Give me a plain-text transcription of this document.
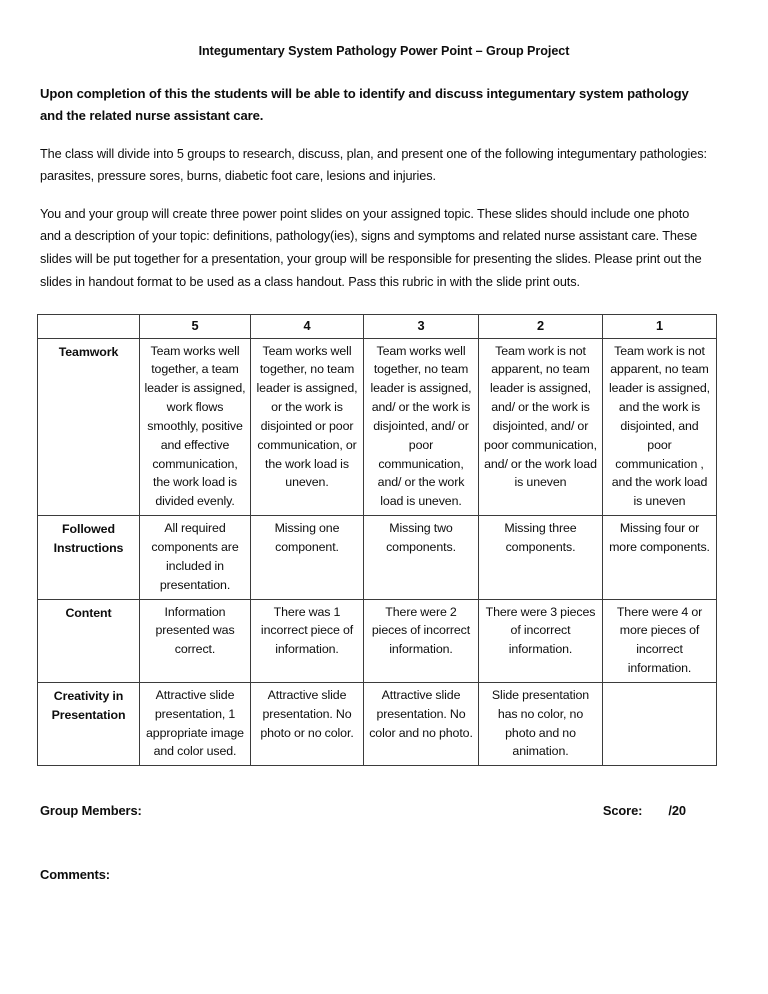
Integumentary System Pathology Power Point – Group Project
Upon completion of this the students will be able to identify and discuss integumentary system pathology and the related nurse assistant care.
The class will divide into 5 groups to research, discuss, plan, and present one of the following integumentary pathologies: parasites, pressure sores, burns, diabetic foot care, lesions and injuries.
You and your group will create three power point slides on your assigned topic. These slides should include one photo and a description of your topic: definitions, pathology(ies), signs and symptoms and related nurse assistant care. These slides will be put together for a presentation, your group will be responsible for presenting the slides. Please print out the slides in handout format to be used as a class handout. Pass this rubric in with the slide print outs.
	5	4	3	2	1
Teamwork	Team works well together, a team leader is assigned, work flows smoothly, positive and effective communication, the work load is divided evenly.	Team works well together, no team leader is assigned, or the work is disjointed or poor communication, or the work load is uneven.	Team works well together, no team leader is assigned, and/ or the work is disjointed, and/ or poor communication, and/ or the work load is uneven.	Team work is not apparent, no team leader is assigned, and/ or the work is disjointed, and/ or poor communication, and/ or the work load is uneven	Team work is not apparent, no team leader is assigned, and the work is disjointed, and poor communication , and the work load is uneven
Followed Instructions	All required components are included in presentation.	Missing one component.	Missing two components.	Missing three components.	Missing four or more components.
Content	Information presented was correct.	There was 1 incorrect piece of information.	There were 2 pieces of incorrect information.	There were 3 pieces of incorrect information.	There were 4 or more pieces of incorrect information.
Creativity in Presentation	Attractive slide presentation, 1 appropriate image and color used.	Attractive slide presentation. No photo or no color.	Attractive slide presentation. No color and no photo.	Slide presentation has no color, no photo and no animation.	
Group Members:	Score:	/20
Comments:
